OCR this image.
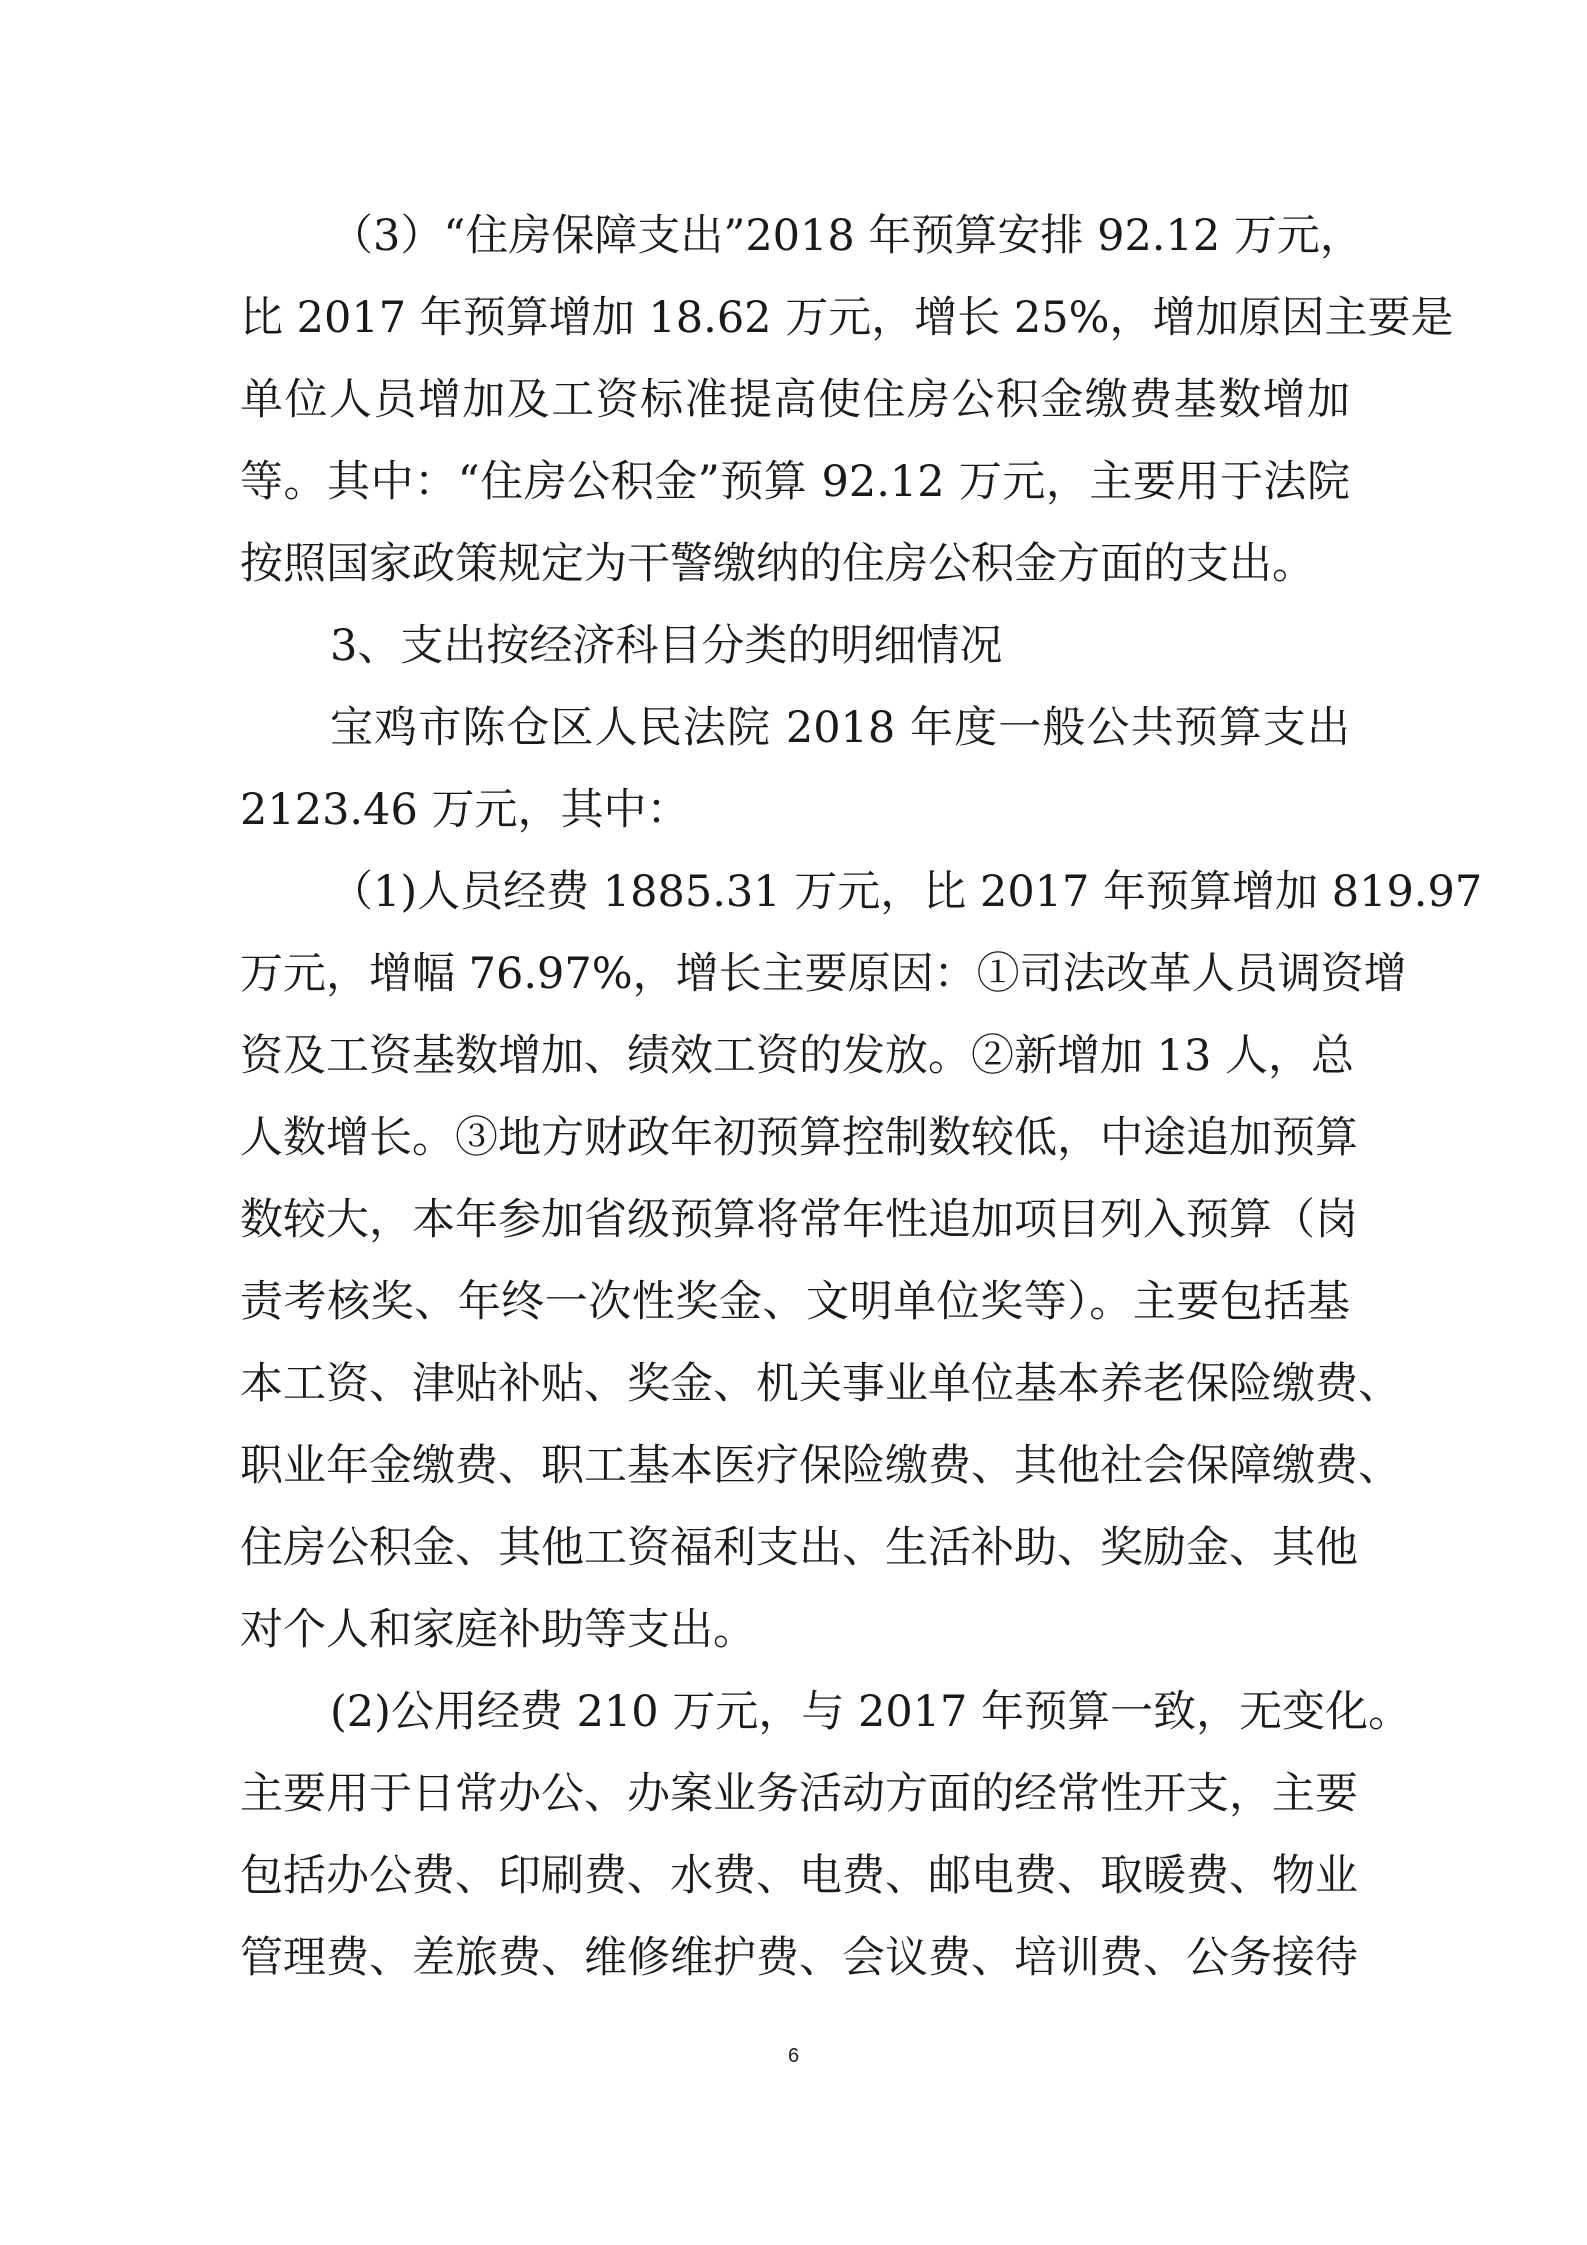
（3）“住房保障支出”2018 年预算安排 92.12 万元，
比 2017 年预算增加 18.62 万元，增长 25%，增加原因主要是
单位人员增加及工资标准提高使住房公积金缴费基数增加
等。其中：“住房公积金”预算 92.12 万元，主要用于法院
按照国家政策规定为干警缴纳的住房公积金方面的支出。
3、支出按经济科目分类的明细情况
宝鸡市陈仓区人民法院 2018 年度一般公共预算支出
2123.46 万元，其中：
（1)人员经费 1885.31 万元，比 2017 年预算增加 819.97
万元，增幅 76.97%，增长主要原因：①司法改革人员调资增
资及工资基数增加、绩效工资的发放。②新增加 13 人，总
人数增长。③地方财政年初预算控制数较低，中途追加预算
数较大，本年参加省级预算将常年性追加项目列入预算（岗
责考核奖、年终一次性奖金、文明单位奖等）。主要包括基
本工资、津贴补贴、奖金、机关事业单位基本养老保险缴费、
职业年金缴费、职工基本医疗保险缴费、其他社会保障缴费、
住房公积金、其他工资福利支出、生活补助、奖励金、其他
对个人和家庭补助等支出。
(2)公用经费 210 万元，与 2017 年预算一致，无变化。
主要用于日常办公、办案业务活动方面的经常性开支，主要
包括办公费、印刷费、水费、电费、邮电费、取暖费、物业
管理费、差旅费、维修维护费、会议费、培训费、公务接待
6
